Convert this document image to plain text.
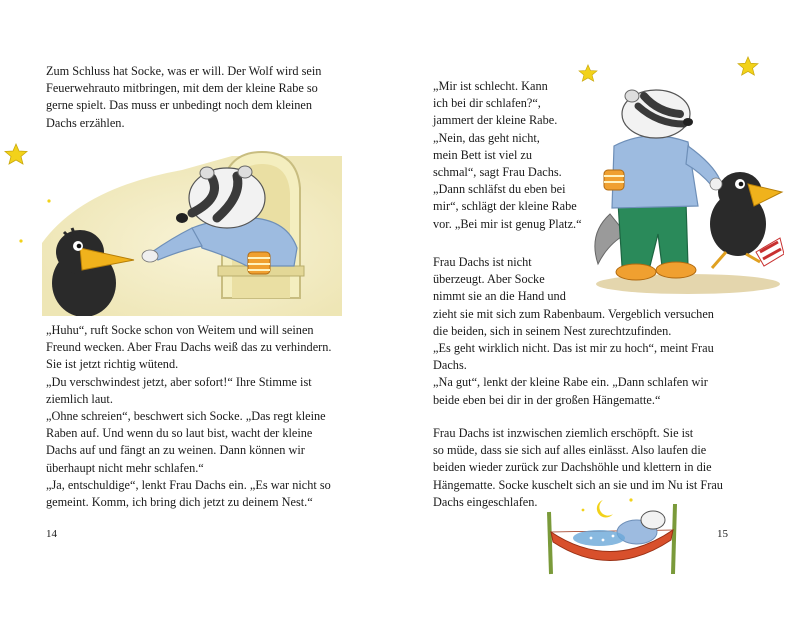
Zum Schluss hat Socke, was er will. Der Wolf wird sein
Feuerwehrauto mitbringen, mit dem der kleine Rabe so
gerne spielt. Das muss er unbedingt noch dem kleinen
Dachs erzählen.
„Huhu“, ruft Socke schon von Weitem und will seinen
Freund wecken. Aber Frau Dachs weiß das zu verhindern.
Sie ist jetzt richtig wütend.
„Du verschwindest jetzt, aber sofort!“ Ihre Stimme ist
ziemlich laut.
„Ohne schreien“, beschwert sich Socke. „Das regt kleine
Raben auf. Und wenn du so laut bist, wacht der kleine
Dachs auf und fängt an zu weinen. Dann können wir
überhaupt nicht mehr schlafen.“
„Ja, entschuldige“, lenkt Frau Dachs ein. „Es war nicht so
gemeint. Komm, ich bring dich jetzt zu deinem Nest.“
14
„Mir ist schlecht. Kann
ich bei dir schlafen?“,
jammert der kleine Rabe.
„Nein, das geht nicht,
mein Bett ist viel zu
schmal“, sagt Frau Dachs.
„Dann schläfst du eben bei
mir“, schlägt der kleine Rabe
vor. „Bei mir ist genug Platz.“
Frau Dachs ist nicht
überzeugt. Aber Socke
nimmt sie an die Hand und
zieht sie mit sich zum Rabenbaum. Vergeblich versuchen
die beiden, sich in seinem Nest zurechtzufinden.
„Es geht wirklich nicht. Das ist mir zu hoch“, meint Frau
Dachs.
„Na gut“, lenkt der kleine Rabe ein. „Dann schlafen wir
beide eben bei dir in der großen Hängematte.“
Frau Dachs ist inzwischen ziemlich erschöpft. Sie ist
so müde, dass sie sich auf alles einlässt. Also laufen die
beiden wieder zurück zur Dachshöhle und klettern in die
Hängematte. Socke kuschelt sich an sie und im Nu ist Frau
Dachs eingeschlafen.
15
